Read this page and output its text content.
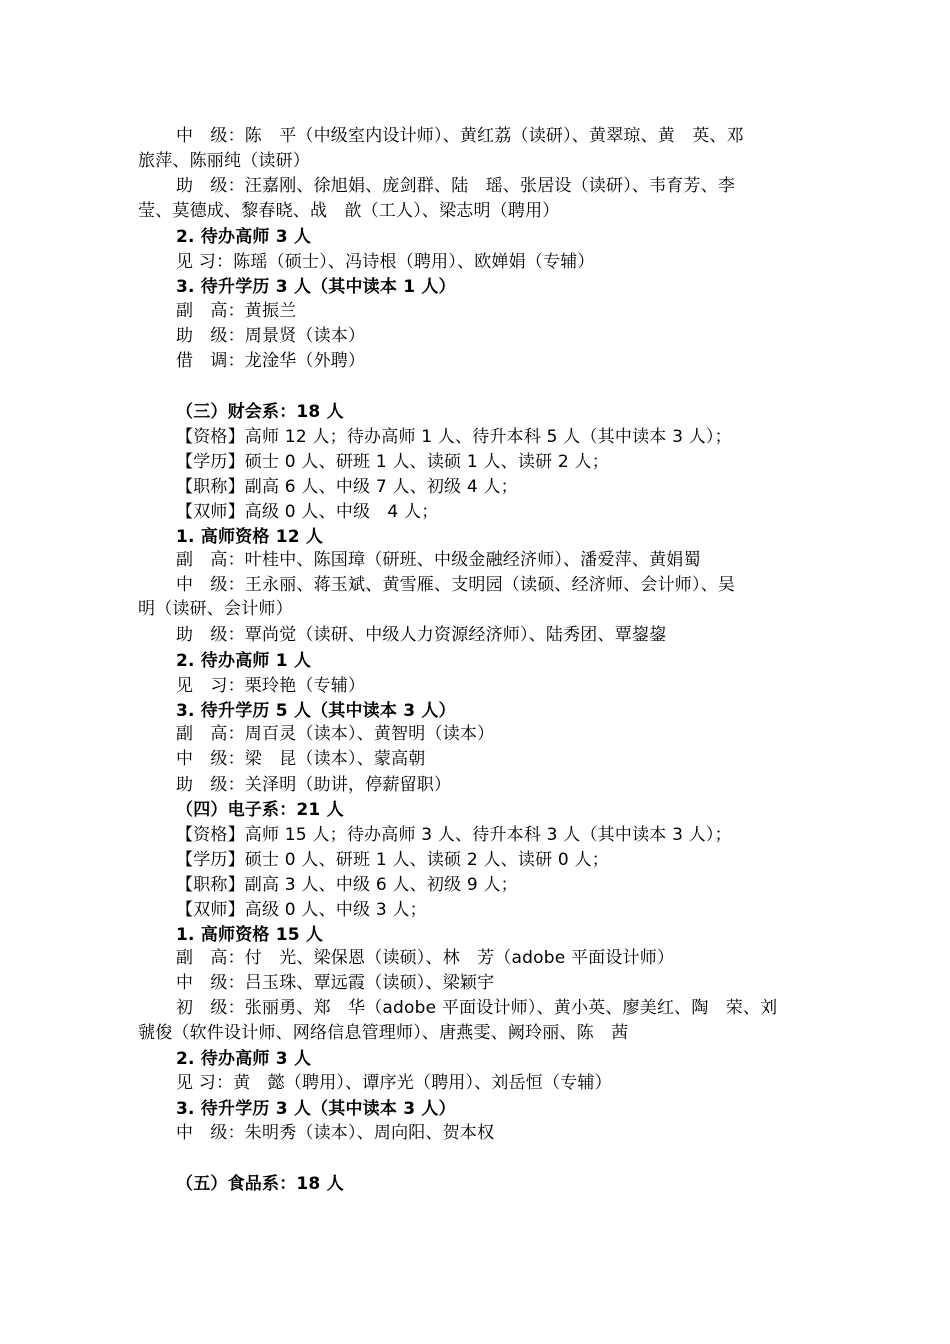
中　级：陈　平（中级室内设计师）、黄红荔（读研）、黄翠琼、黄　英、邓
旅萍、陈丽纯（读研）
助　级：汪嘉刚、徐旭娟、庞剑群、陆　瑶、张居设（读研）、韦育芳、李
莹、莫德成、黎春晓、战　歆（工人）、梁志明（聘用）
2. 待办高师 3 人
见 习：陈瑶（硕士）、冯诗根（聘用）、欧婵娟（专辅）
3. 待升学历 3 人（其中读本 1 人）
副　高：黄振兰
助　级：周景贤（读本）
借　调：龙淦华（外聘）
（三）财会系：18 人
【资格】高师 12 人；待办高师 1 人、待升本科 5 人（其中读本 3 人）；
【学历】硕士 0 人、研班 1 人、读硕 1 人、读研 2 人；
【职称】副高 6 人、中级 7 人、初级 4 人；
【双师】高级 0 人、中级　4 人；
1. 高师资格 12 人
副　高：叶桂中、陈国璋（研班、中级金融经济师）、潘爱萍、黄娟蜀
中　级：王永丽、蒋玉斌、黄雪雁、支明园（读硕、经济师、会计师）、吴
明（读研、会计师）
助　级：覃尚觉（读研、中级人力资源经济师）、陆秀团、覃鋆鋆
2. 待办高师 1 人
见　习：栗玲艳（专辅）
3. 待升学历 5 人（其中读本 3 人）
副　高：周百灵（读本）、黄智明（读本）
中　级：梁　昆（读本）、蒙高朝
助　级：关泽明（助讲，停薪留职）
（四）电子系：21 人
【资格】高师 15 人；待办高师 3 人、待升本科 3 人（其中读本 3 人）；
【学历】硕士 0 人、研班 1 人、读硕 2 人、读研 0 人；
【职称】副高 3 人、中级 6 人、初级 9 人；
【双师】高级 0 人、中级 3 人；
1. 高师资格 15 人
副　高：付　光、梁保恩（读硕）、林　芳（adobe 平面设计师）
中　级：吕玉珠、覃远霞（读硕）、梁颖宇
初　级：张丽勇、郑　华（adobe 平面设计师）、黄小英、廖美红、陶　荣、刘
虢俊（软件设计师、网络信息管理师）、唐燕雯、阙玲丽、陈　茜
2. 待办高师 3 人
见 习：黄　懿（聘用）、谭序光（聘用）、刘岳恒（专辅）
3. 待升学历 3 人（其中读本 3 人）
中　级：朱明秀（读本）、周向阳、贺本权
（五）食品系：18 人
